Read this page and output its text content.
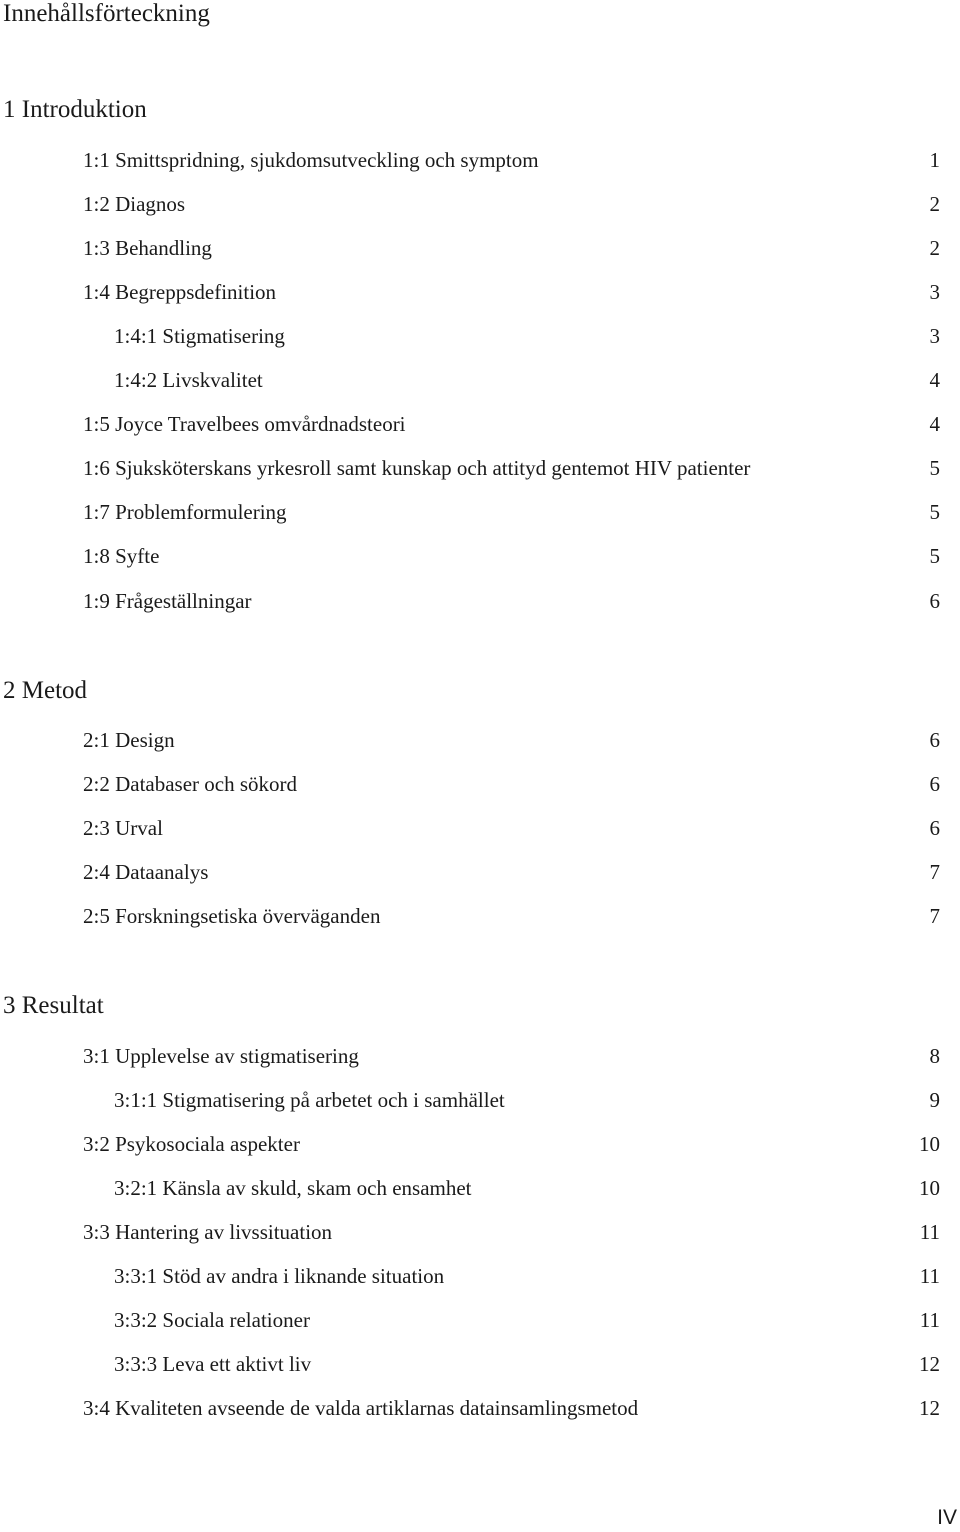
Innehållsförteckning
1 Introduktion
1:1 Smittspridning, sjukdomsutveckling och symptom	1
1:2 Diagnos	2
1:3 Behandling	2
1:4 Begreppsdefinition	3
1:4:1 Stigmatisering	3
1:4:2 Livskvalitet	4
1:5 Joyce Travelbees omvårdnadsteori	4
1:6 Sjuksköterskans yrkesroll samt kunskap och attityd gentemot HIV patienter	5
1:7 Problemformulering	5
1:8 Syfte	5
1:9 Frågeställningar	6
2 Metod
2:1 Design	6
2:2 Databaser och sökord	6
2:3 Urval	6
2:4 Dataanalys	7
2:5 Forskningsetiska överväganden	7
3 Resultat
3:1 Upplevelse av stigmatisering	8
3:1:1 Stigmatisering på arbetet och i samhället	9
3:2 Psykosociala aspekter	10
3:2:1 Känsla av skuld, skam och ensamhet	10
3:3 Hantering av livssituation	11
3:3:1 Stöd av andra i liknande situation	11
3:3:2 Sociala relationer	11
3:3:3 Leva ett aktivt liv	12
3:4 Kvaliteten avseende de valda artiklarnas datainsamlingsmetod	12
IV
